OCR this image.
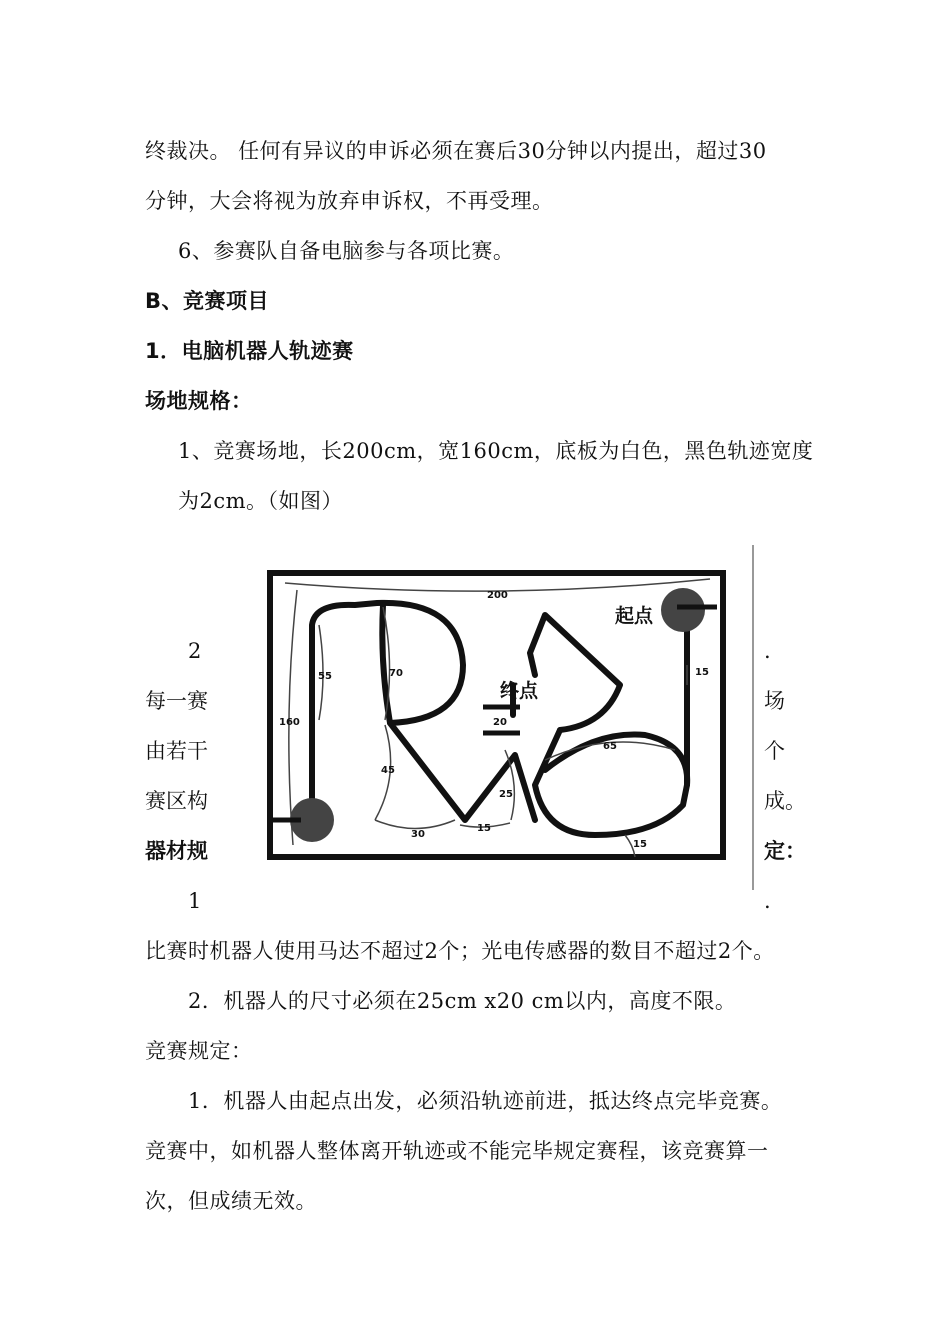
终裁决。 任何有异议的申诉必须在赛后30分钟以内提出，超过30
分钟，大会将视为放弃申诉权，不再受理。
6、参赛队自备电脑参与各项比赛。
B、竞赛项目
1．电脑机器人轨迹赛
场地规格：
1、竞赛场地，长200cm，宽160cm，底板为白色，黑色轨迹宽度
为2cm。（如图）
2
每一赛
由若干
赛区构
器材规
1
.
场
个
成。
定：
.
起点
终点
200
160
55	70
45
30
15
25
20
65
15
15
比赛时机器人使用马达不超过2个；光电传感器的数目不超过2个。
2．机器人的尺寸必须在25cm x20 cm以内，高度不限。
竞赛规定：
1．机器人由起点出发，必须沿轨迹前进，抵达终点完毕竞赛。
竞赛中，如机器人整体离开轨迹或不能完毕规定赛程，该竞赛算一
次，但成绩无效。
